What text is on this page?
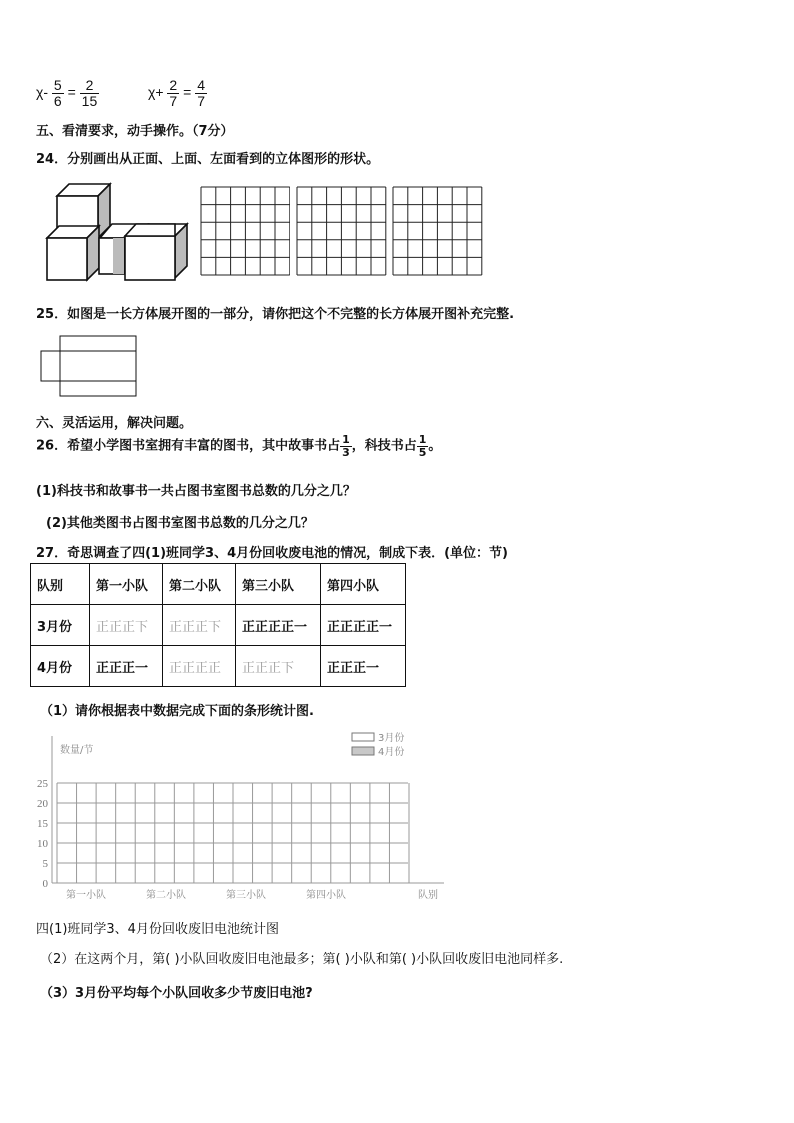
$\chi- \frac{5}{6} = \frac{2}{15}$	$\chi+ \frac{2}{7} = \frac{4}{7}$
五、看清要求，动手操作。（7分）
24．分别画出从正面、上面、左面看到的立体图形的形状。
25．如图是一长方体展开图的一部分，请你把这个不完整的长方体展开图补充完整.
六、灵活运用，解决问题。
26．希望小学图书室拥有丰富的图书，其中故事书占 $\frac{1}{3}$ ，科技书占 $\frac{1}{5}$ 。
(1)科技书和故事书一共占图书室图书总数的几分之几？
(2)其他类图书占图书室图书总数的几分之几？
27．奇思调查了四(1)班同学3、4月份回收废电池的情况，制成下表．(单位：节)
队别	第一小队	第二小队	第三小队	第四小队
3月份	正正正下	正正正下	正正正正一	正正正正一
4月份	正正正一	正正正正	正正正下	正正正一
（1）请你根据表中数据完成下面的条形统计图.
25
20
15
10
5
0
数量/节
第一小队	第二小队	第三小队	第四小队	队别
3月份
4月份
四(1)班同学3、4月份回收废旧电池统计图
（2）在这两个月，第( )小队回收废旧电池最多；第( )小队和第( )小队回收废旧电池同样多.
（3）3月份平均每个小队回收多少节废旧电池?
